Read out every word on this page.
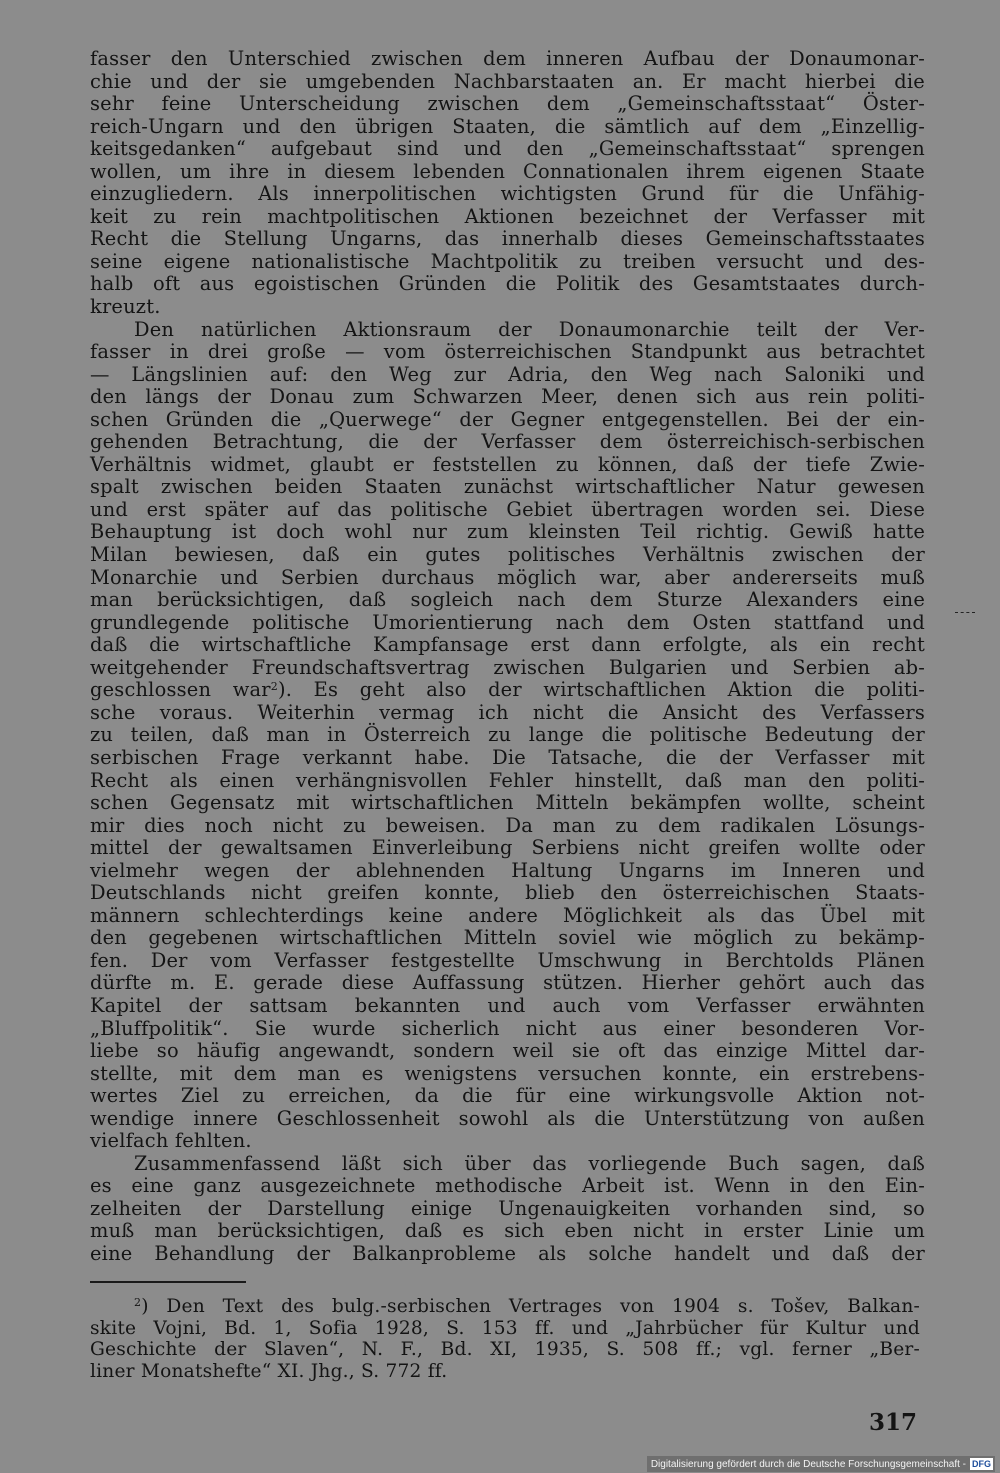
fasser den Unterschied zwischen dem inneren Aufbau der Donaumonar-
chie und der sie umgebenden Nachbarstaaten an. Er macht hierbei die
sehr feine Unterscheidung zwischen dem „Gemeinschaftsstaat“ Öster-
reich-Ungarn und den übrigen Staaten, die sämtlich auf dem „Einzellig-
keitsgedanken“ aufgebaut sind und den „Gemeinschaftsstaat“ sprengen
wollen, um ihre in diesem lebenden Connationalen ihrem eigenen Staate
einzugliedern. Als innerpolitischen wichtigsten Grund für die Unfähig-
keit zu rein machtpolitischen Aktionen bezeichnet der Verfasser mit
Recht die Stellung Ungarns, das innerhalb dieses Gemeinschaftsstaates
seine eigene nationalistische Machtpolitik zu treiben versucht und des-
halb oft aus egoistischen Gründen die Politik des Gesamtstaates durch-
kreuzt.
Den natürlichen Aktionsraum der Donaumonarchie teilt der Ver-
fasser in drei große — vom österreichischen Standpunkt aus betrachtet
— Längslinien auf: den Weg zur Adria, den Weg nach Saloniki und
den längs der Donau zum Schwarzen Meer, denen sich aus rein politi-
schen Gründen die „Querwege“ der Gegner entgegenstellen. Bei der ein-
gehenden Betrachtung, die der Verfasser dem österreichisch-serbischen
Verhältnis widmet, glaubt er feststellen zu können, daß der tiefe Zwie-
spalt zwischen beiden Staaten zunächst wirtschaftlicher Natur gewesen
und erst später auf das politische Gebiet übertragen worden sei. Diese
Behauptung ist doch wohl nur zum kleinsten Teil richtig. Gewiß hatte
Milan bewiesen, daß ein gutes politisches Verhältnis zwischen der
Monarchie und Serbien durchaus möglich war, aber andererseits muß
man berücksichtigen, daß sogleich nach dem Sturze Alexanders eine
grundlegende politische Umorientierung nach dem Osten stattfand und
daß die wirtschaftliche Kampfansage erst dann erfolgte, als ein recht
weitgehender Freundschaftsvertrag zwischen Bulgarien und Serbien ab-
geschlossen war$^2$). Es geht also der wirtschaftlichen Aktion die politi-
sche voraus. Weiterhin vermag ich nicht die Ansicht des Verfassers
zu teilen, daß man in Österreich zu lange die politische Bedeutung der
serbischen Frage verkannt habe. Die Tatsache, die der Verfasser mit
Recht als einen verhängnisvollen Fehler hinstellt, daß man den politi-
schen Gegensatz mit wirtschaftlichen Mitteln bekämpfen wollte, scheint
mir dies noch nicht zu beweisen. Da man zu dem radikalen Lösungs-
mittel der gewaltsamen Einverleibung Serbiens nicht greifen wollte oder
vielmehr wegen der ablehnenden Haltung Ungarns im Inneren und
Deutschlands nicht greifen konnte, blieb den österreichischen Staats-
männern schlechterdings keine andere Möglichkeit als das Übel mit
den gegebenen wirtschaftlichen Mitteln soviel wie möglich zu bekämp-
fen. Der vom Verfasser festgestellte Umschwung in Berchtolds Plänen
dürfte m. E. gerade diese Auffassung stützen. Hierher gehört auch das
Kapitel der sattsam bekannten und auch vom Verfasser erwähnten
„Bluffpolitik“. Sie wurde sicherlich nicht aus einer besonderen Vor-
liebe so häufig angewandt, sondern weil sie oft das einzige Mittel dar-
stellte, mit dem man es wenigstens versuchen konnte, ein erstrebens-
wertes Ziel zu erreichen, da die für eine wirkungsvolle Aktion not-
wendige innere Geschlossenheit sowohl als die Unterstützung von außen
vielfach fehlten.
Zusammenfassend läßt sich über das vorliegende Buch sagen, daß
es eine ganz ausgezeichnete methodische Arbeit ist. Wenn in den Ein-
zelheiten der Darstellung einige Ungenauigkeiten vorhanden sind, so
muß man berücksichtigen, daß es sich eben nicht in erster Linie um
eine Behandlung der Balkanprobleme als solche handelt und daß der
$^2$) Den Text des bulg.-serbischen Vertrages von 1904 s. Tošev, Balkan-
skite Vojni, Bd. 1, Sofia 1928, S. 153 ff. und „Jahrbücher für Kultur und
Geschichte der Slaven“, N. F., Bd. XI, 1935, S. 508 ff.; vgl. ferner „Ber-
liner Monatshefte“ XI. Jhg., S. 772 ff.
317
Digitalisierung gefördert durch die Deutsche Forschungsgemeinschaft - DFG
